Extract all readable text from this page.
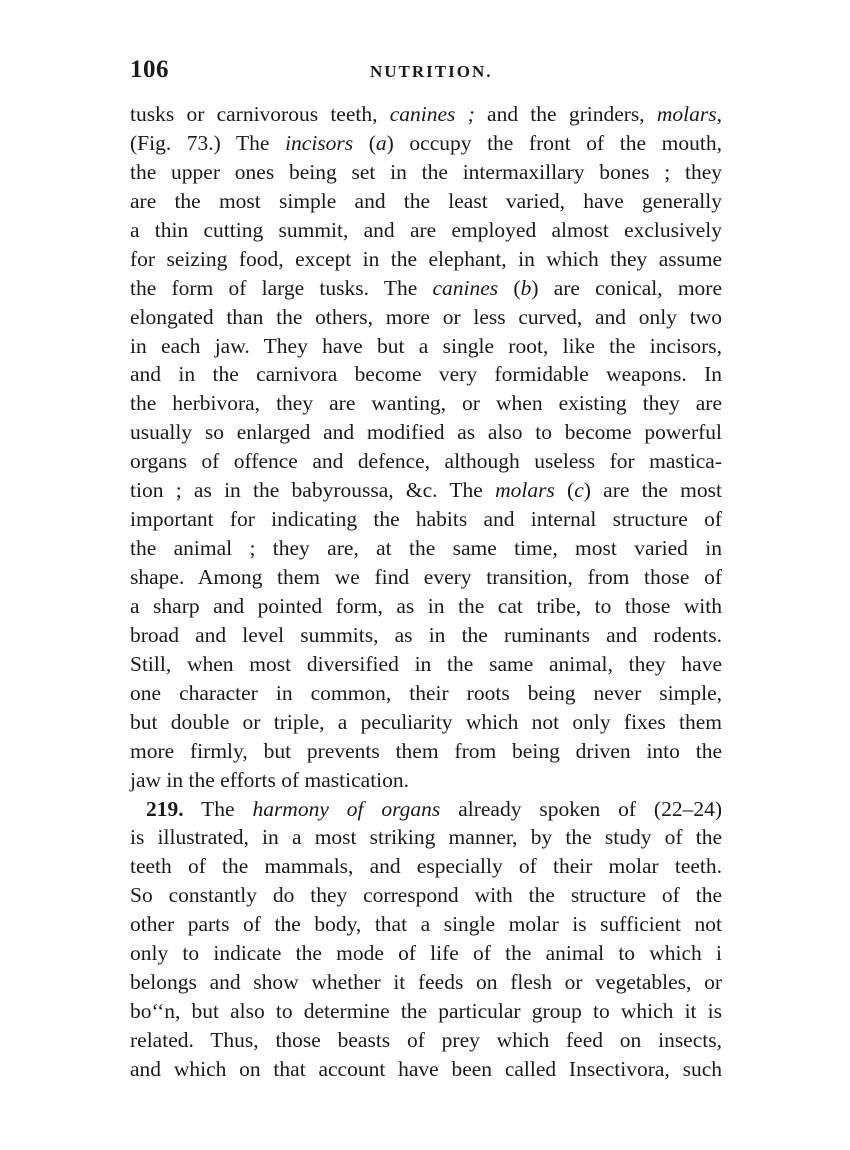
106	NUTRITION.
tusks or carnivorous teeth, canines ; and the grinders, molars,
(Fig. 73.) The incisors (a) occupy the front of the mouth,
the upper ones being set in the intermaxillary bones ; they
are the most simple and the least varied, have generally
a thin cutting summit, and are employed almost exclusively
for seizing food, except in the elephant, in which they assume
the form of large tusks. The canines (b) are conical, more
elongated than the others, more or less curved, and only two
in each jaw. They have but a single root, like the incisors,
and in the carnivora become very formidable weapons. In
the herbivora, they are wanting, or when existing they are
usually so enlarged and modified as also to become powerful
organs of offence and defence, although useless for mastica-
tion ; as in the babyroussa, &c. The molars (c) are the most
important for indicating the habits and internal structure of
the animal ; they are, at the same time, most varied in
shape. Among them we find every transition, from those of
a sharp and pointed form, as in the cat tribe, to those with
broad and level summits, as in the ruminants and rodents.
Still, when most diversified in the same animal, they have
one character in common, their roots being never simple,
but double or triple, a peculiarity which not only fixes them
more firmly, but prevents them from being driven into the
jaw in the efforts of mastication.
219. The harmony of organs already spoken of (22–24)
is illustrated, in a most striking manner, by the study of the
teeth of the mammals, and especially of their molar teeth.
So constantly do they correspond with the structure of the
other parts of the body, that a single molar is sufficient not
only to indicate the mode of life of the animal to which i
belongs and show whether it feeds on flesh or vegetables, or
bo‘‘n, but also to determine the particular group to which it is
related. Thus, those beasts of prey which feed on insects,
and which on that account have been called Insectivora, such
